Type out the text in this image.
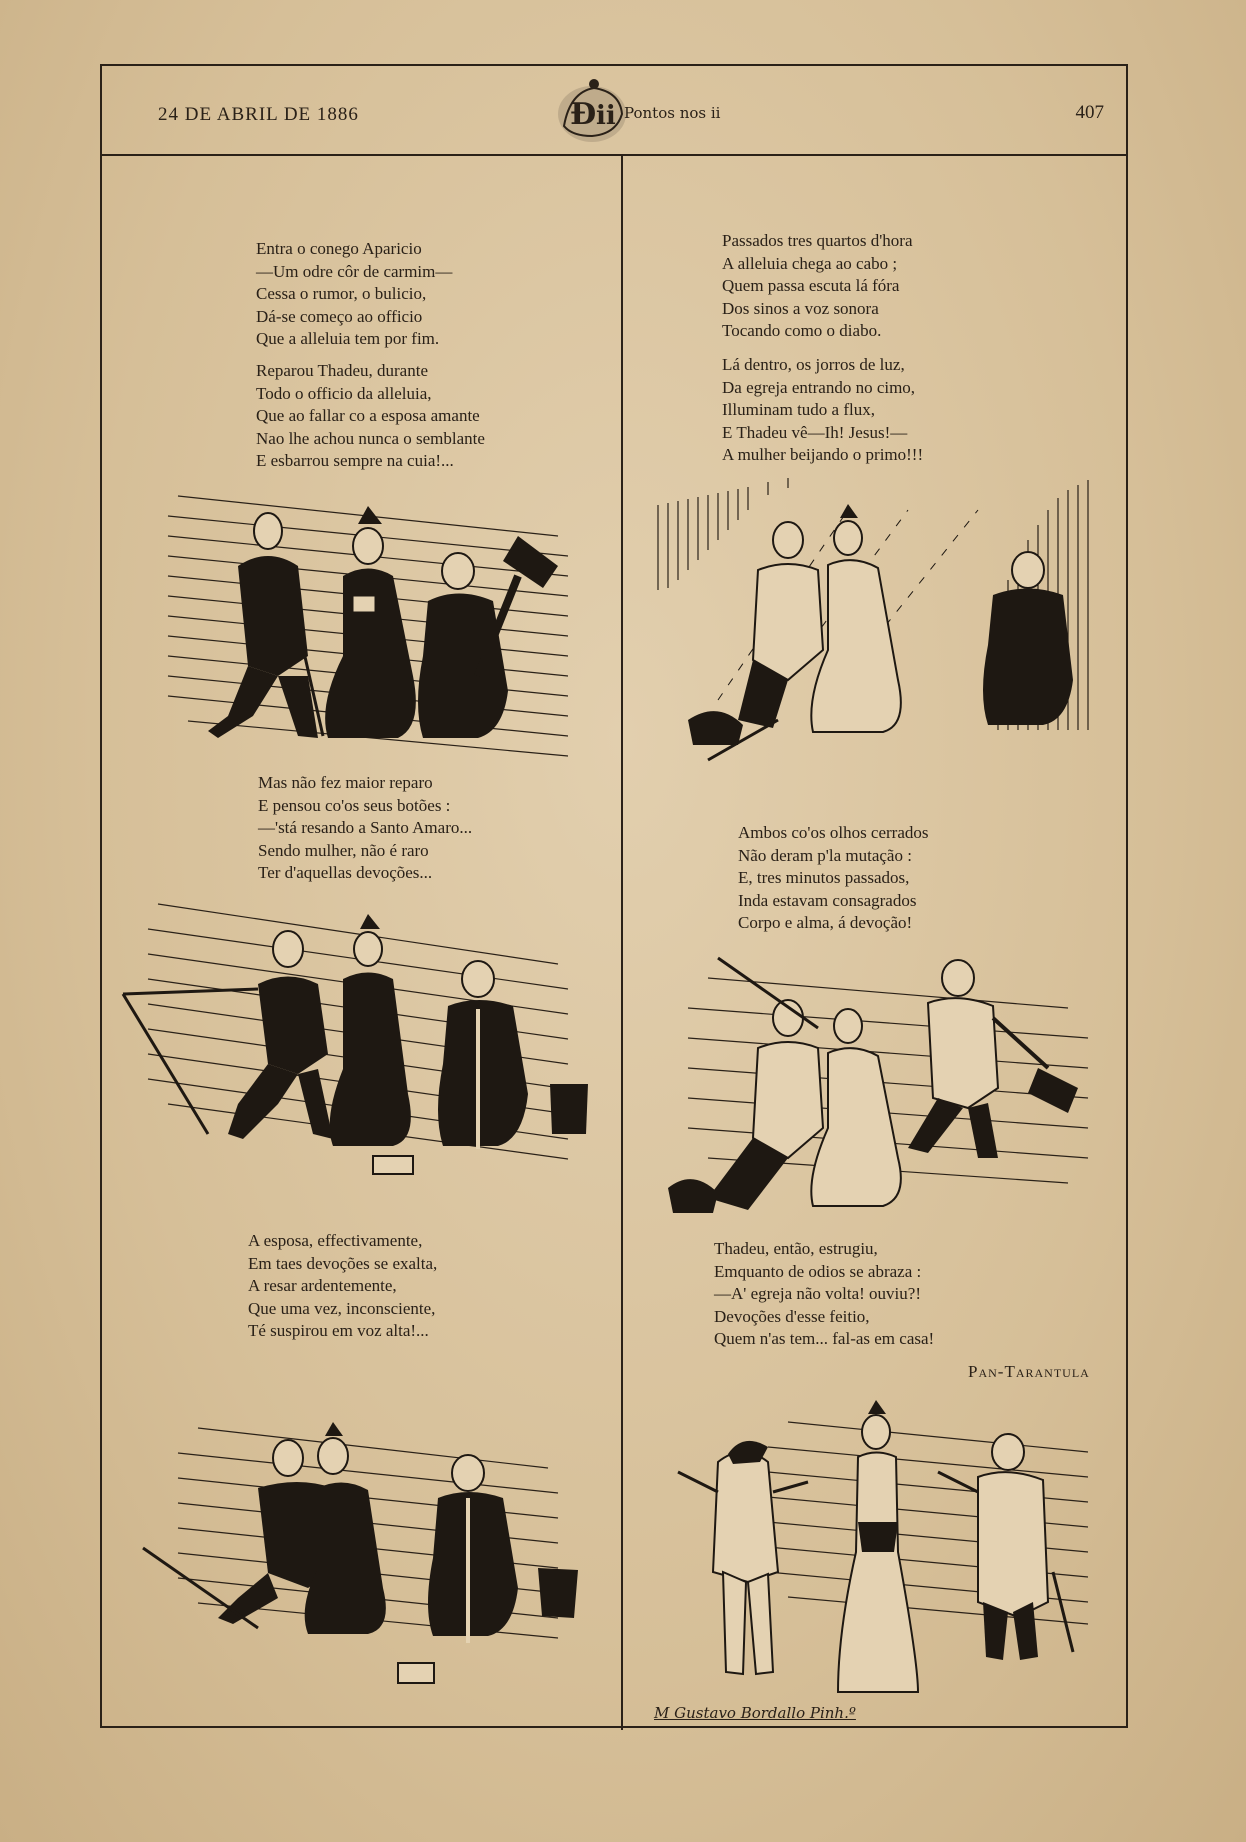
24 DE ABRIL DE 1886	Ð ii Pontos nos ii	407
Entra o conego Aparicio
—Um odre côr de carmim—
Cessa o rumor, o bulicio,
Dá-se começo ao officio
Que a alleluia tem por fim.
Reparou Thadeu, durante
Todo o officio da alleluia,
Que ao fallar co a esposa amante
Nao lhe achou nunca o semblante
E esbarrou sempre na cuia!...
Mas não fez maior reparo
E pensou co'os seus botões :
—'stá resando a Santo Amaro...
Sendo mulher, não é raro
Ter d'aquellas devoções...
A esposa, effectivamente,
Em taes devoções se exalta,
A resar ardentemente,
Que uma vez, inconsciente,
Té suspirou em voz alta!...
Passados tres quartos d'hora
A alleluia chega ao cabo ;
Quem passa escuta lá fóra
Dos sinos a voz sonora
Tocando como o diabo.
Lá dentro, os jorros de luz,
Da egreja entrando no cimo,
Illuminam tudo a flux,
E Thadeu vê—Ih! Jesus!—
A mulher beijando o primo!!!
Ambos co'os olhos cerrados
Não deram p'la mutação :
E, tres minutos passados,
Inda estavam consagrados
Corpo e alma, á devoção!
Thadeu, então, estrugiu,
Emquanto de odios se abraza :
—A' egreja não volta! ouviu?!
Devoções d'esse feitio,
Quem n'as tem... fal-as em casa!
Pan-Tarantula
M Gustavo Bordallo Pinh.º
